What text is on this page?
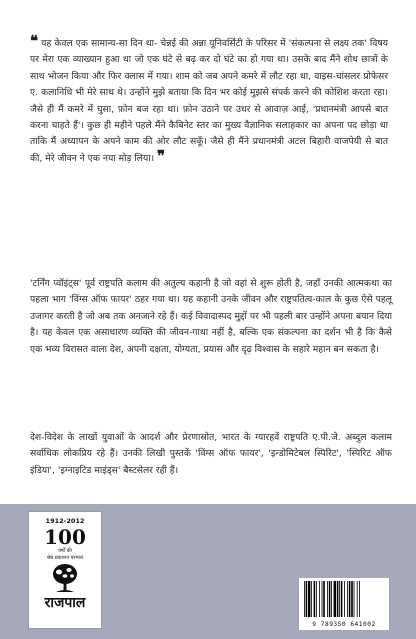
❝ यह केवल एक सामान्य-सा दिन था- चेन्नई की अन्ना यूनिवर्सिटी के परिसर में 'संकल्पना से लक्ष्य तक' विषय पर मेरा एक व्याख्यान हुआ था जो एक घंटे से बढ़ कर दो घंटे का हो गया था। उसके बाद मैंने शोध छात्रों के साथ भोजन किया और फिर क्लास में गया। शाम को जब अपने कमरे में लौट रहा था, वाइस-चांसलर प्रोफेसर ए. कलानिधि भी मेरे साथ थे। उन्होंने मुझे बताया कि दिन भर कोई मुझसे संपर्क करने की कोशिश करता रहा। जैसे ही मैं कमरे में घुसा, फ़ोन बज रहा था। फ़ोन उठाने पर उधर से आवाज़ आई, 'प्रधानमंत्री आपसे बात करना चाहते हैं'। कुछ ही महीने पहले मैंने कैबिनेट स्तर का मुख्य वैज्ञानिक सलाहकार का अपना पद छोड़ा था ताकि मैं अध्यापन के अपने काम की ओर लौट सकूँ। जैसे ही मैंने प्रधानमंत्री अटल बिहारी वाजपेयी से बात की, मेरे जीवन ने एक नया मोड़ लिया। ❞
'टर्निंग प्वॉइंट्स' पूर्व राष्ट्रपति कलाम की अतुल्य कहानी है जो वहां से शुरू होती है, जहाँ उनकी आत्मकथा का पहला भाग 'विंग्स ऑफ फायर' ठहर गया था। यह कहानी उनके जीवन और राष्ट्रपतित्व-काल के कुछ ऐसे पहलू उजागर करती है जो अब तक अनजाने रहे हैं। कई विवादास्पद मुद्दों पर भी पहली बार उन्होंने अपना बयान दिया है। यह केवल एक असाधारण व्यक्ति की जीवन-गाथा नहीं है, बल्कि एक संकल्पना का दर्शन भी है कि कैसे एक भव्य विरासत वाला देश, अपनी दक्षता, योग्यता, प्रयास और दृढ़ विश्वास के सहारे महान बन सकता है।
देश-विदेश के लाखों युवाओं के आदर्श और प्रेरणास्रोत, भारत के ग्यारहवें राष्ट्रपति ए.पी.जे. अब्दुल कलाम सर्वाधिक लोकप्रिय रहे हैं। उनकी लिखी पुस्तकें 'विंग्स ऑफ फायर', 'इन्डोमिटेबल स्पिरिट', 'स्पिरिट ऑफ इंडिया', 'इग्नाइटिड माइंड्स' बैस्टसेलर रही हैं।
1912-2012
100
वर्षों की
श्रेष्ठ प्रकाशन परम्परा
राजपाल
9 789350 641002
